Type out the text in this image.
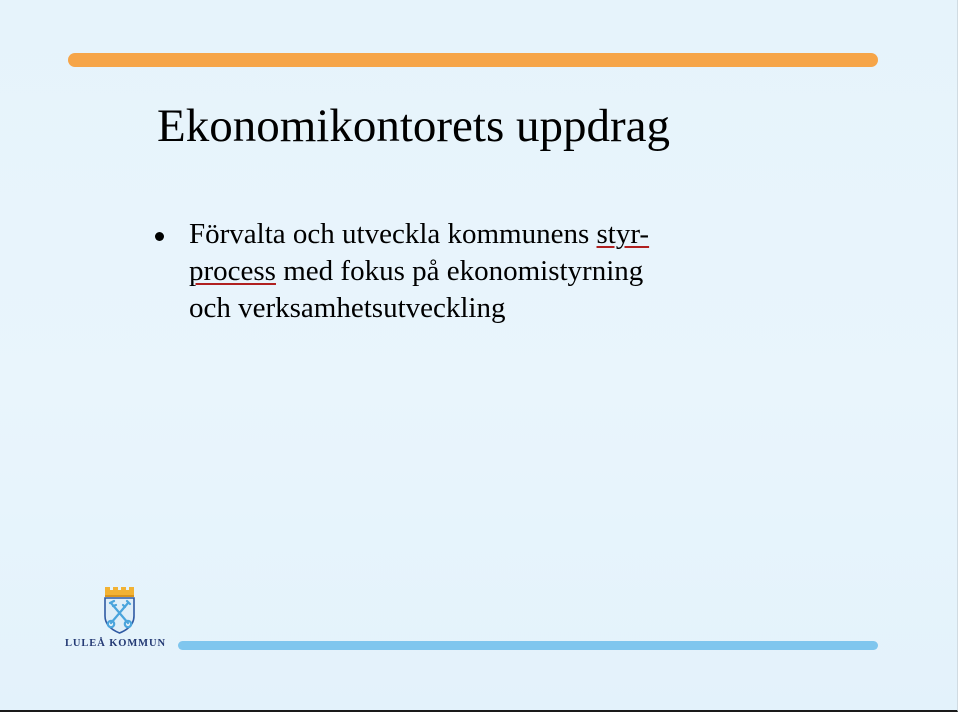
Ekonomikontorets uppdrag
Förvalta och utveckla kommunens styr-
process med fokus på ekonomistyrning
och verksamhetsutveckling
LULEÅ KOMMUN
